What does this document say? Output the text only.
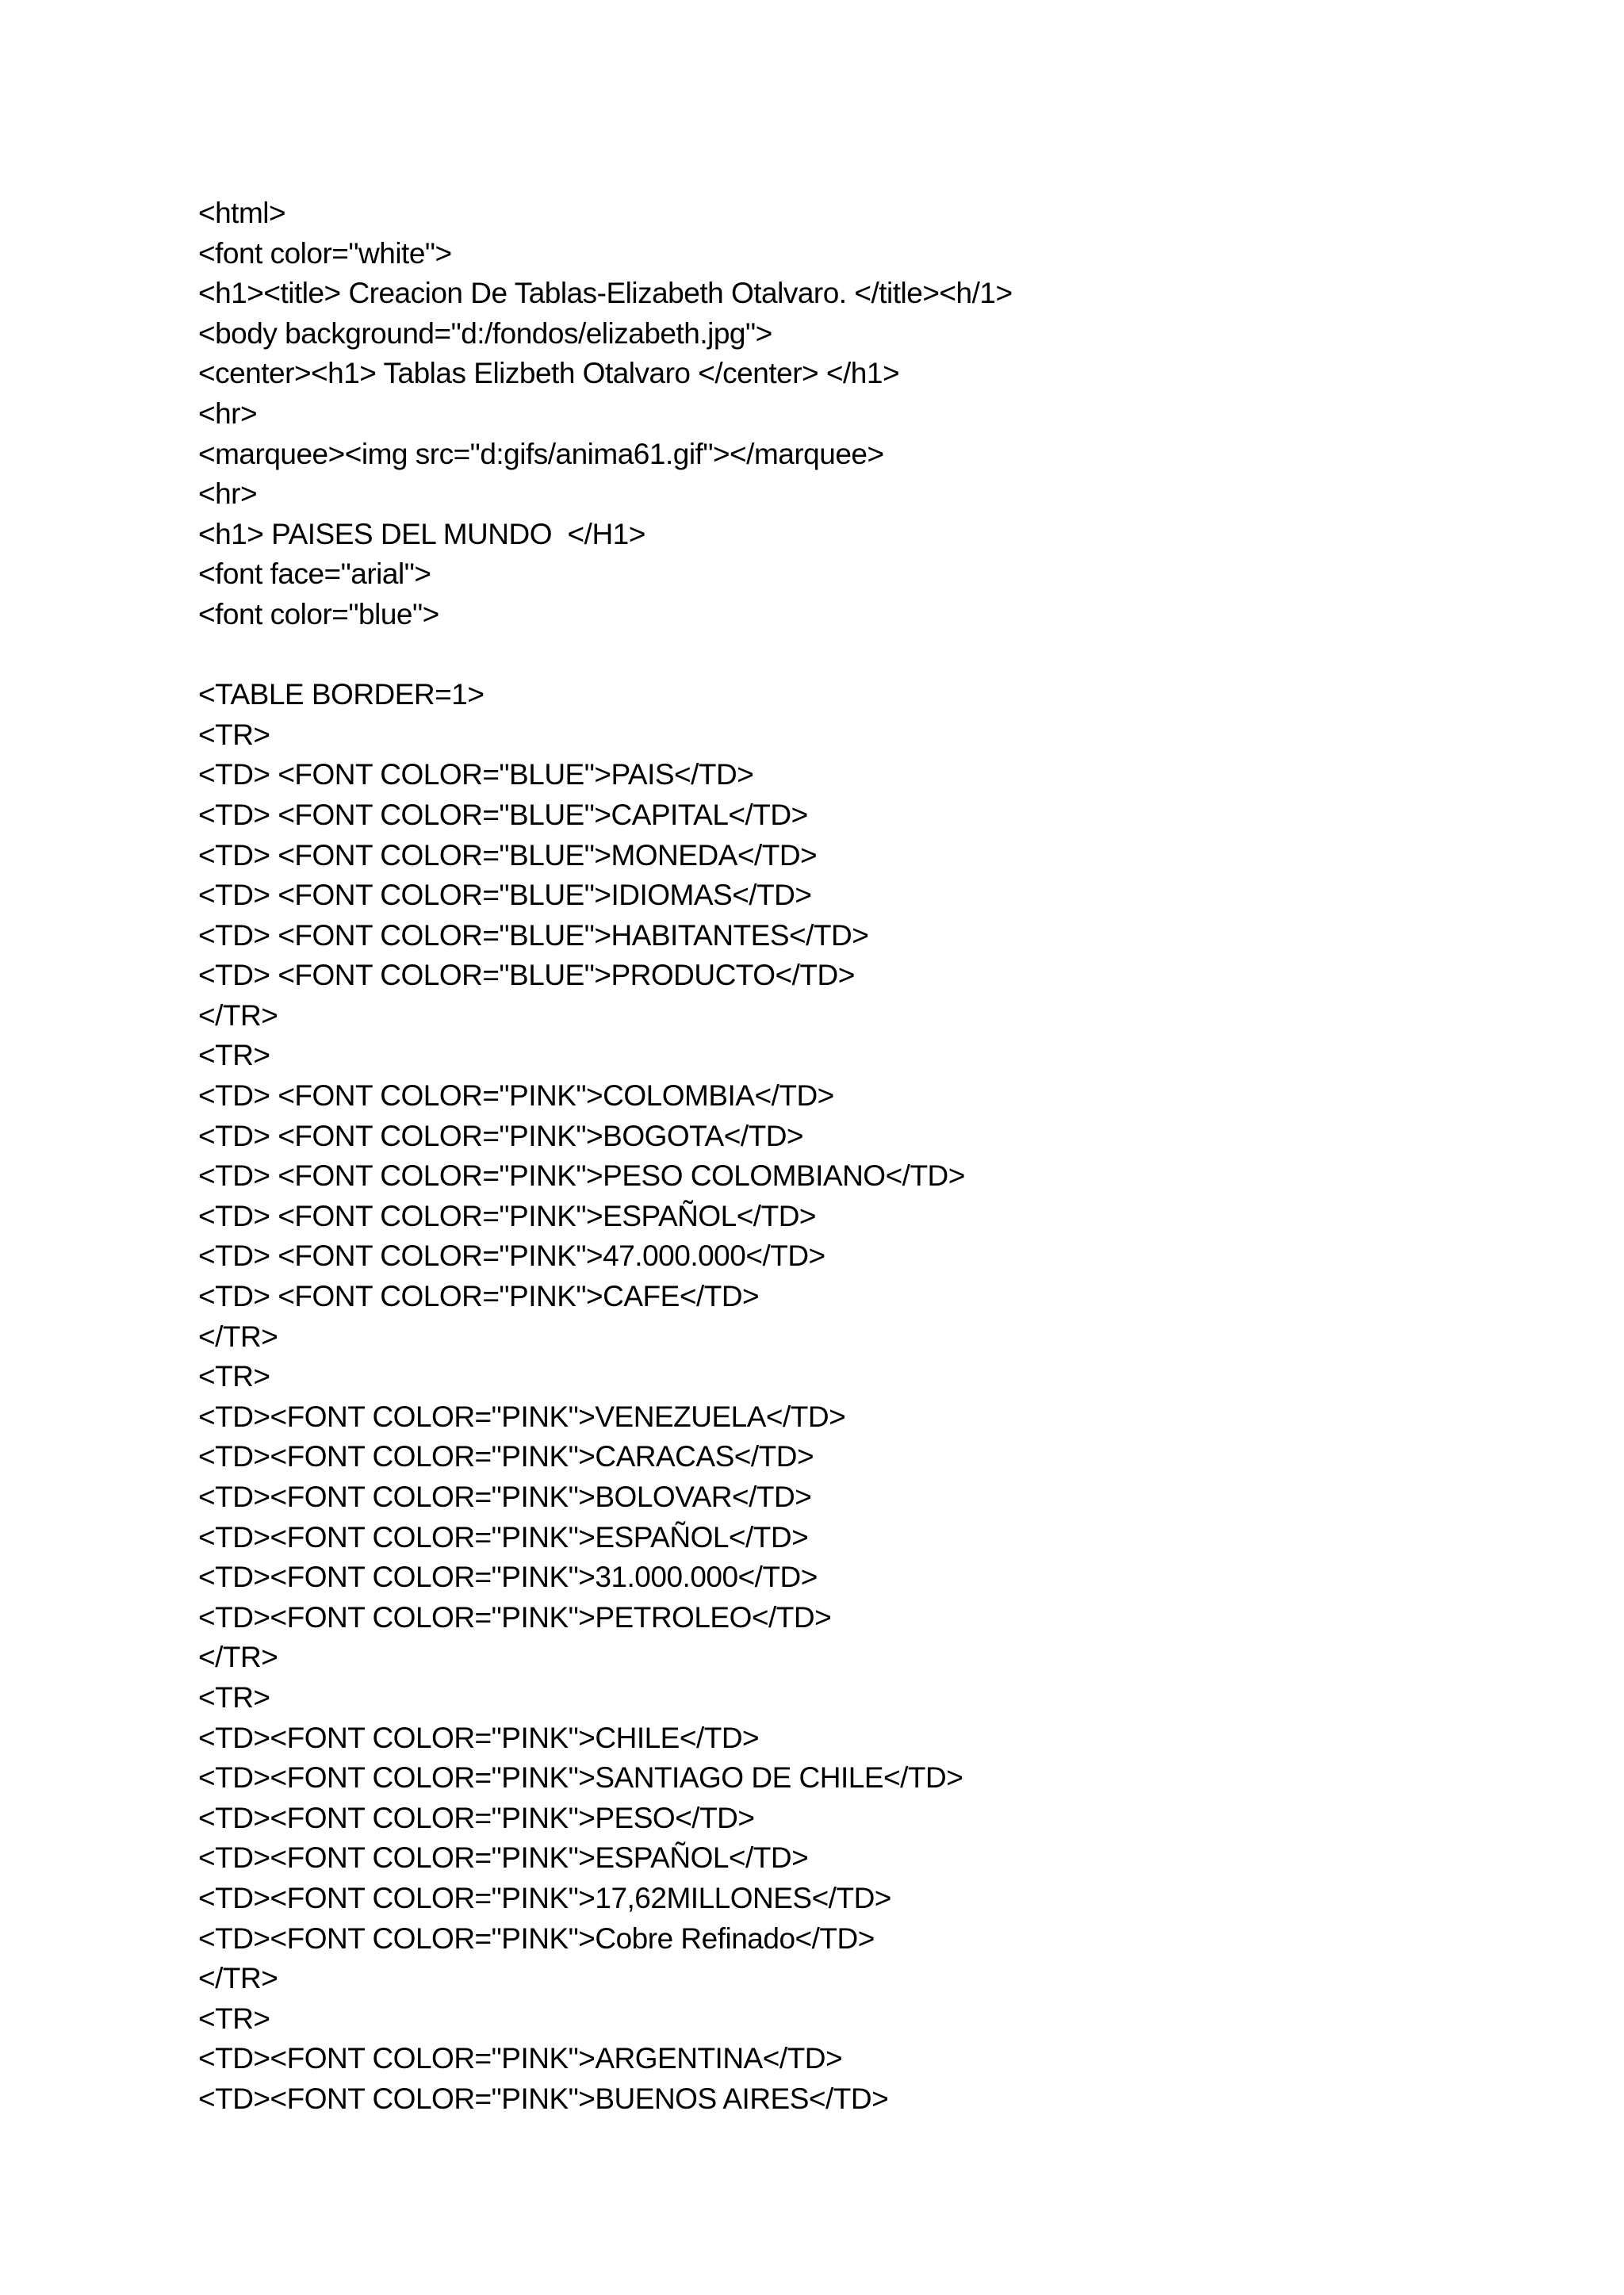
<html>
<font color="white">
<h1><title> Creacion De Tablas-Elizabeth Otalvaro. </title><h/1>
<body background="d:/fondos/elizabeth.jpg">
<center><h1> Tablas Elizbeth Otalvaro </center> </h1>
<hr>
<marquee><img src="d:gifs/anima61.gif"></marquee>
<hr>
<h1> PAISES DEL MUNDO  </H1>
<font face="arial">
<font color="blue">
<TABLE BORDER=1>
<TR>
<TD> <FONT COLOR="BLUE">PAIS</TD>
<TD> <FONT COLOR="BLUE">CAPITAL</TD>
<TD> <FONT COLOR="BLUE">MONEDA</TD>
<TD> <FONT COLOR="BLUE">IDIOMAS</TD>
<TD> <FONT COLOR="BLUE">HABITANTES</TD>
<TD> <FONT COLOR="BLUE">PRODUCTO</TD>
</TR>
<TR>
<TD> <FONT COLOR="PINK">COLOMBIA</TD>
<TD> <FONT COLOR="PINK">BOGOTA</TD>
<TD> <FONT COLOR="PINK">PESO COLOMBIANO</TD>
<TD> <FONT COLOR="PINK">ESPAÑOL</TD>
<TD> <FONT COLOR="PINK">47.000.000</TD>
<TD> <FONT COLOR="PINK">CAFE</TD>
</TR>
<TR>
<TD><FONT COLOR="PINK">VENEZUELA</TD>
<TD><FONT COLOR="PINK">CARACAS</TD>
<TD><FONT COLOR="PINK">BOLOVAR</TD>
<TD><FONT COLOR="PINK">ESPAÑOL</TD>
<TD><FONT COLOR="PINK">31.000.000</TD>
<TD><FONT COLOR="PINK">PETROLEO</TD>
</TR>
<TR>
<TD><FONT COLOR="PINK">CHILE</TD>
<TD><FONT COLOR="PINK">SANTIAGO DE CHILE</TD>
<TD><FONT COLOR="PINK">PESO</TD>
<TD><FONT COLOR="PINK">ESPAÑOL</TD>
<TD><FONT COLOR="PINK">17,62MILLONES</TD>
<TD><FONT COLOR="PINK">Cobre Refinado</TD>
</TR>
<TR>
<TD><FONT COLOR="PINK">ARGENTINA</TD>
<TD><FONT COLOR="PINK">BUENOS AIRES</TD>
